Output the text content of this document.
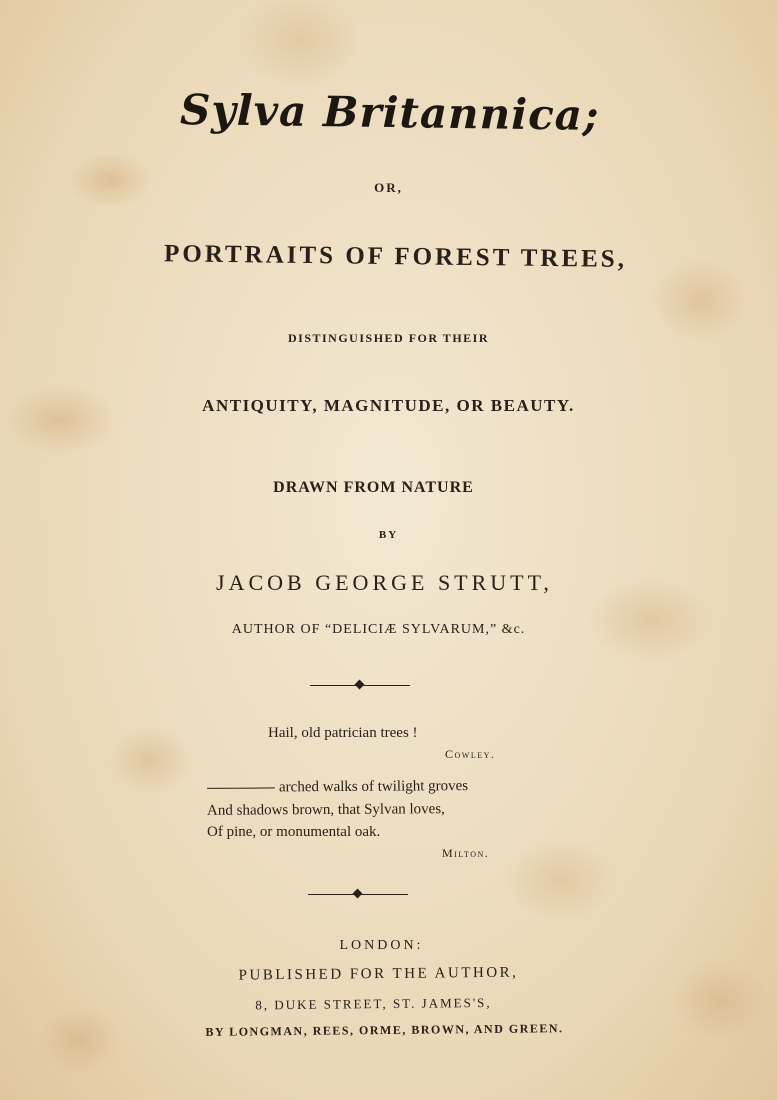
Sylva Britannica;
OR,
PORTRAITS OF FOREST TREES,
DISTINGUISHED FOR THEIR
ANTIQUITY, MAGNITUDE, OR BEAUTY.
DRAWN FROM NATURE
BY
JACOB GEORGE STRUTT,
AUTHOR OF “DELICIÆ SYLVARUM,” &c.
Hail, old patrician trees !
Cowley.
arched walks of twilight groves
And shadows brown, that Sylvan loves,
Of pine, or monumental oak.
Milton.
LONDON:
PUBLISHED FOR THE AUTHOR,
8, DUKE STREET, ST. JAMES'S,
BY LONGMAN, REES, ORME, BROWN, AND GREEN.
